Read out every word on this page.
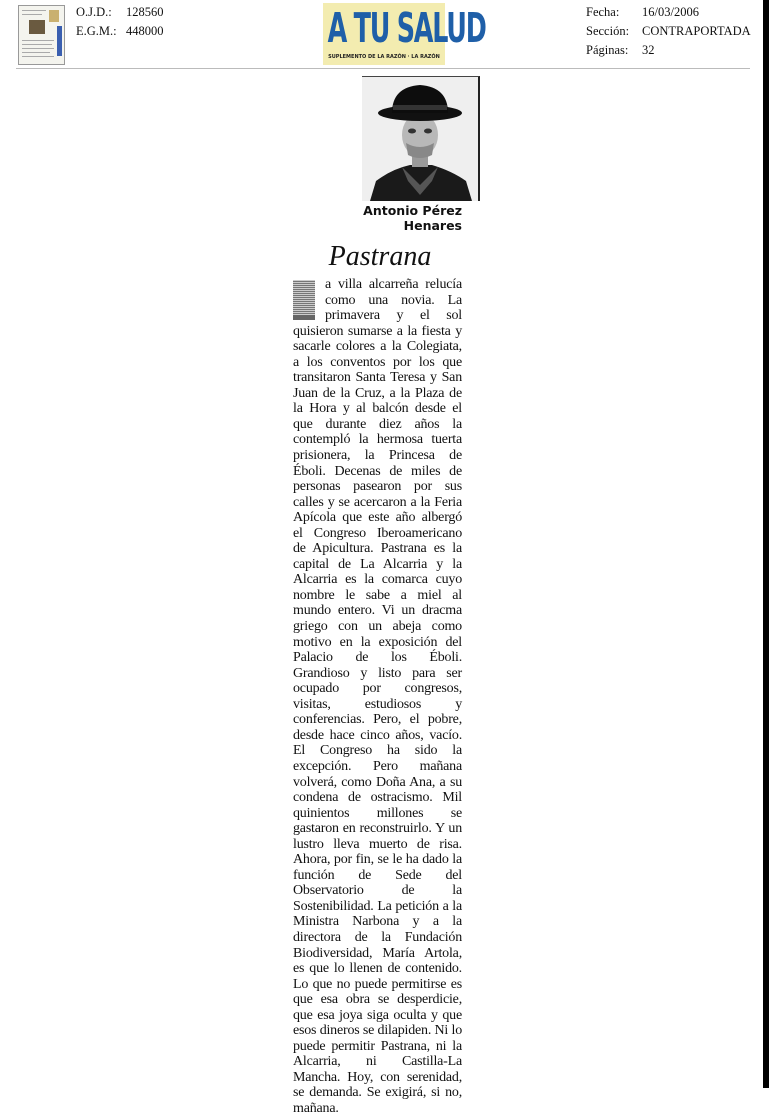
O.J.D.:	128560
E.G.M.: 448000	A TU SALUD
SUPLEMENTO DE LA RAZÓN · LA RAZÓN
Fecha:	16/03/2006
Sección:	CONTRAPORTADA
Páginas:	32
Antonio Pérez
Henares
Pastrana
a villa alcarreña relucía como una novia. La primavera y el sol quisieron sumarse a la fiesta y sacarle colores a la Colegiata, a los conventos por los que transitaron Santa Teresa y San Juan de la Cruz, a la Plaza de la Hora y al balcón desde el que durante diez años la contempló la hermosa tuerta prisionera, la Princesa de Éboli. Decenas de miles de personas pasearon por sus calles y se acercaron a la Feria Apícola que este año albergó el Congreso Iberoamericano de Apicultura. Pastrana es la capital de La Alcarria y la Alcarria es la comarca cuyo nombre le sabe a miel al mundo entero. Vi un dracma griego con un abeja como motivo en la exposición del Palacio de los Éboli. Grandioso y listo para ser ocupado por congresos, visitas, estudiosos y conferencias. Pero, el pobre, desde hace cinco años, vacío. El Congreso ha sido la excepción. Pero mañana volverá, como Doña Ana, a su condena de ostracismo. Mil quinientos millones se gastaron en reconstruirlo. Y un lustro lleva muerto de risa. Ahora, por fin, se le ha dado la función de Sede del Observatorio de la Sostenibilidad. La petición a la Ministra Narbona y a la directora de la Fundación Biodiversidad, María Artola, es que lo llenen de contenido. Lo que no puede permitirse es que esa obra se desperdicie, que esa joya siga oculta y que esos dineros se dilapiden. Ni lo puede permitir Pastrana, ni la Alcarria, ni Castilla-La Mancha. Hoy, con serenidad, se demanda. Se exigirá, si no, mañana.
